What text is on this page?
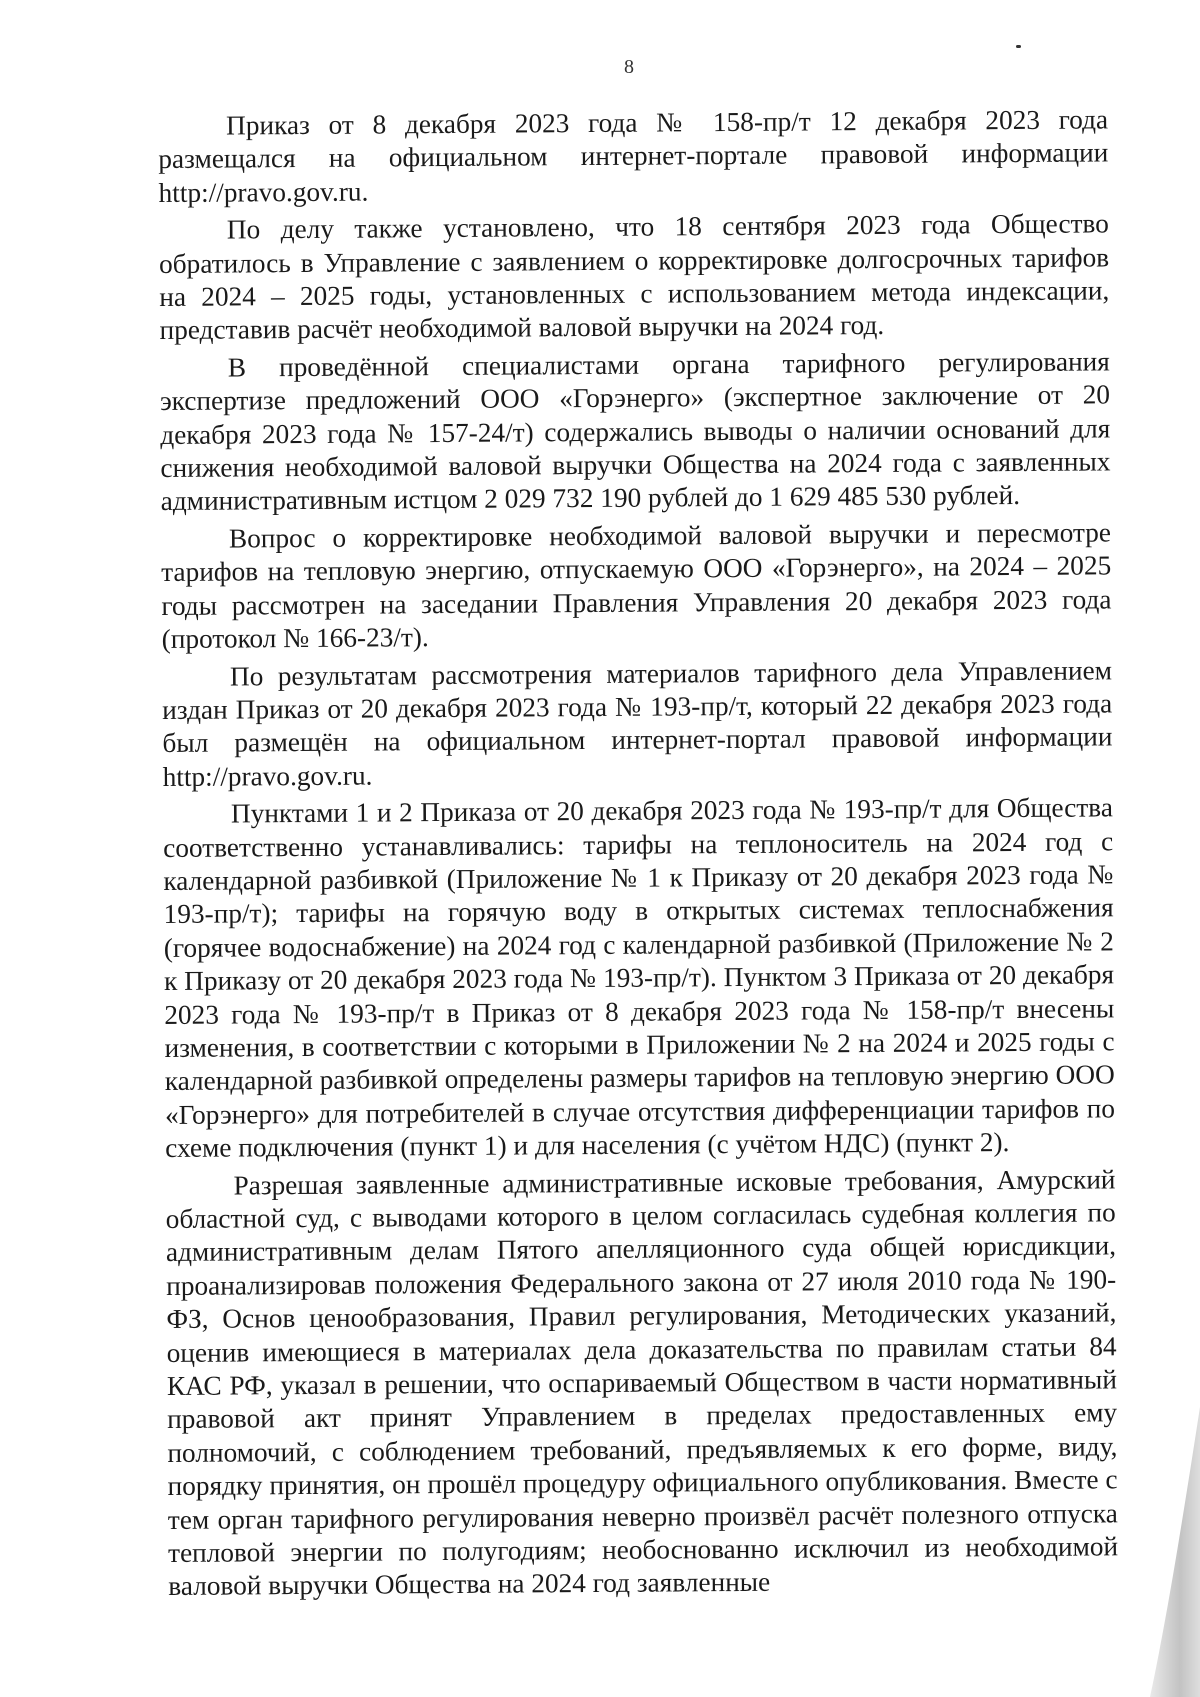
8

Приказ от 8 декабря 2023 года № 158-пр/т 12 декабря 2023 года размещался на официальном интернет-портале правовой информации http://pravo.gov.ru.

По делу также установлено, что 18 сентября 2023 года Общество обратилось в Управление с заявлением о корректировке долгосрочных тарифов на 2024 – 2025 годы, установленных с использованием метода индексации, представив расчёт необходимой валовой выручки на 2024 год.

В проведённой специалистами органа тарифного регулирования экспертизе предложений ООО «Горэнерго» (экспертное заключение от 20 декабря 2023 года № 157-24/т) содержались выводы о наличии оснований для снижения необходимой валовой выручки Общества на 2024 года с заявленных административным истцом 2 029 732 190 рублей до 1 629 485 530 рублей.

Вопрос о корректировке необходимой валовой выручки и пересмотре тарифов на тепловую энергию, отпускаемую ООО «Горэнерго», на 2024 – 2025 годы рассмотрен на заседании Правления Управления 20 декабря 2023 года (протокол № 166-23/т).

По результатам рассмотрения материалов тарифного дела Управлением издан Приказ от 20 декабря 2023 года № 193-пр/т, который 22 декабря 2023 года был размещён на официальном интернет-портал правовой информации http://pravo.gov.ru.

Пунктами 1 и 2 Приказа от 20 декабря 2023 года № 193-пр/т для Общества соответственно устанавливались: тарифы на теплоноситель на 2024 год с календарной разбивкой (Приложение № 1 к Приказу от 20 декабря 2023 года № 193-пр/т); тарифы на горячую воду в открытых системах теплоснабжения (горячее водоснабжение) на 2024 год с календарной разбивкой (Приложение № 2 к Приказу от 20 декабря 2023 года № 193-пр/т). Пунктом 3 Приказа от 20 декабря 2023 года № 193-пр/т в Приказ от 8 декабря 2023 года № 158-пр/т внесены изменения, в соответствии с которыми в Приложении № 2 на 2024 и 2025 годы с календарной разбивкой определены размеры тарифов на тепловую энергию ООО «Горэнерго» для потребителей в случае отсутствия дифференциации тарифов по схеме подключения (пункт 1) и для населения (с учётом НДС) (пункт 2).

Разрешая заявленные административные исковые требования, Амурский областной суд, с выводами которого в целом согласилась судебная коллегия по административным делам Пятого апелляционного суда общей юрисдикции, проанализировав положения Федерального закона от 27 июля 2010 года № 190-ФЗ, Основ ценообразования, Правил регулирования, Методических указаний, оценив имеющиеся в материалах дела доказательства по правилам статьи 84 КАС РФ, указал в решении, что оспариваемый Обществом в части нормативный правовой акт принят Управлением в пределах предоставленных ему полномочий, с соблюдением требований, предъявляемых к его форме, виду, порядку принятия, он прошёл процедуру официального опубликования. Вместе с тем орган тарифного регулирования неверно произвёл расчёт полезного отпуска тепловой энергии по полугодиям; необоснованно исключил из необходимой валовой выручки Общества на 2024 год заявленные
